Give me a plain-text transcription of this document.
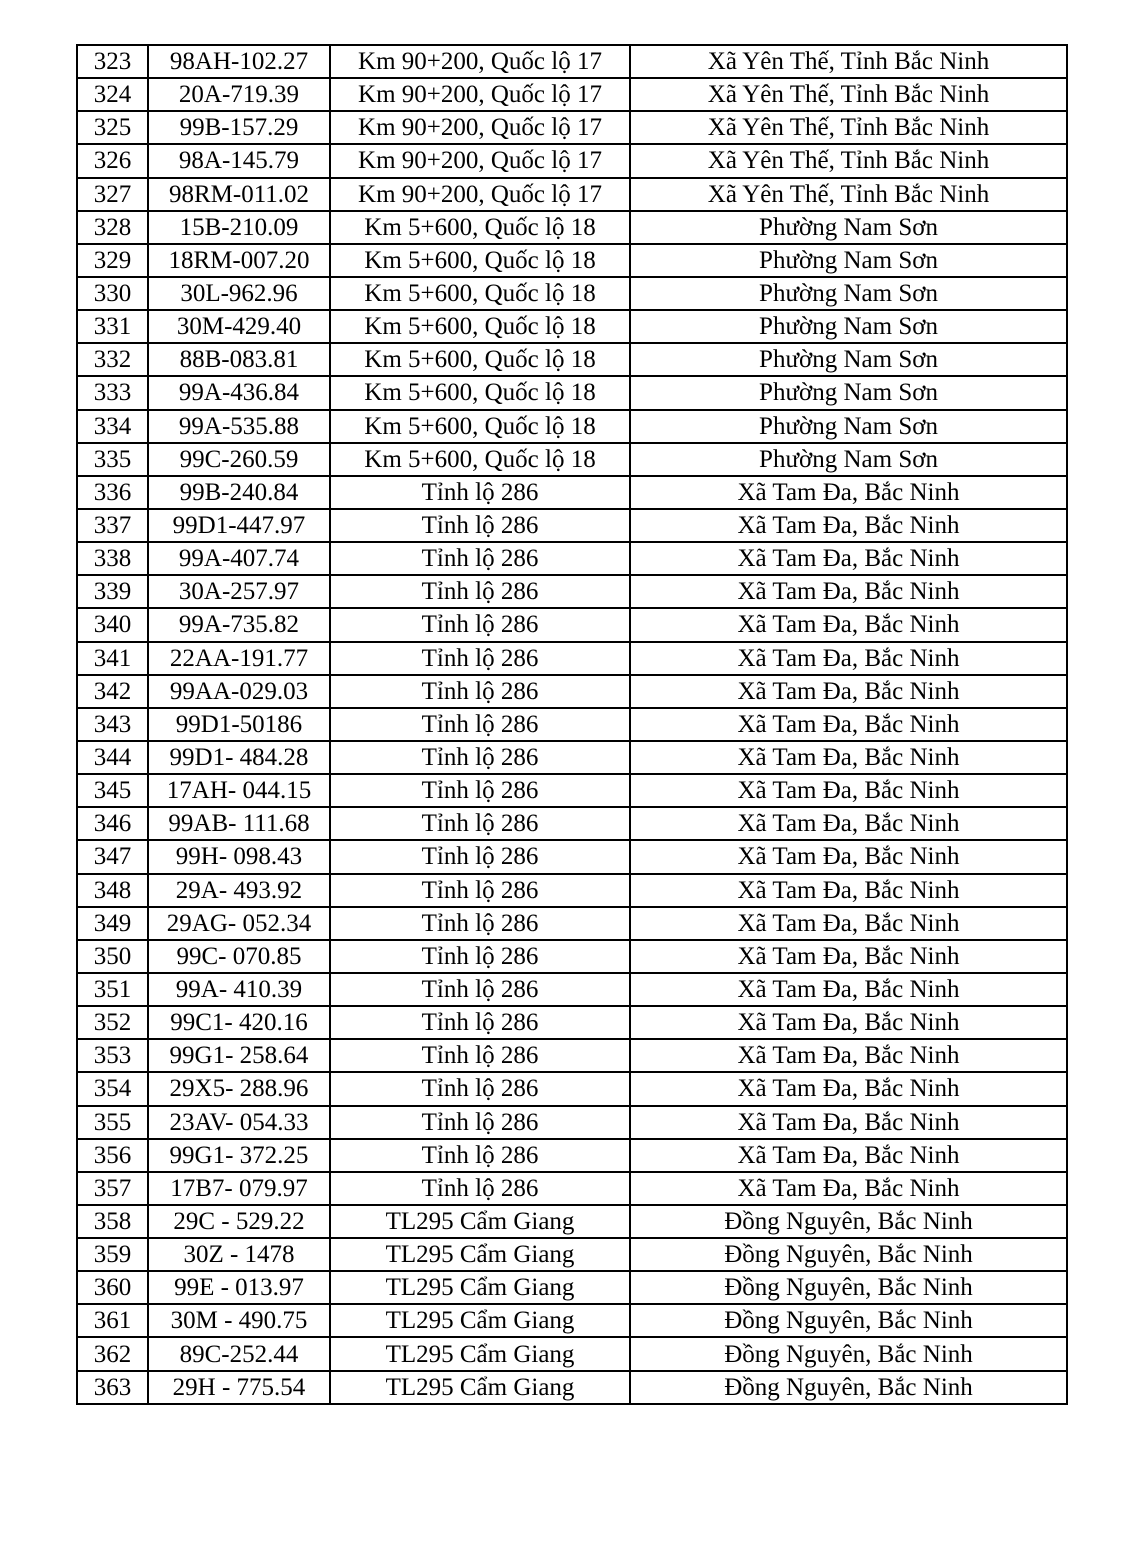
323	98AH-102.27	Km 90+200, Quốc lộ 17	Xã Yên Thế, Tỉnh Bắc Ninh
324	20A-719.39	Km 90+200, Quốc lộ 17	Xã Yên Thế, Tỉnh Bắc Ninh
325	99B-157.29	Km 90+200, Quốc lộ 17	Xã Yên Thế, Tỉnh Bắc Ninh
326	98A-145.79	Km 90+200, Quốc lộ 17	Xã Yên Thế, Tỉnh Bắc Ninh
327	98RM-011.02	Km 90+200, Quốc lộ 17	Xã Yên Thế, Tỉnh Bắc Ninh
328	15B-210.09	Km 5+600, Quốc lộ 18	Phường Nam Sơn
329	18RM-007.20	Km 5+600, Quốc lộ 18	Phường Nam Sơn
330	30L-962.96	Km 5+600, Quốc lộ 18	Phường Nam Sơn
331	30M-429.40	Km 5+600, Quốc lộ 18	Phường Nam Sơn
332	88B-083.81	Km 5+600, Quốc lộ 18	Phường Nam Sơn
333	99A-436.84	Km 5+600, Quốc lộ 18	Phường Nam Sơn
334	99A-535.88	Km 5+600, Quốc lộ 18	Phường Nam Sơn
335	99C-260.59	Km 5+600, Quốc lộ 18	Phường Nam Sơn
336	99B-240.84	Tỉnh lộ 286	Xã Tam Đa, Bắc Ninh
337	99D1-447.97	Tỉnh lộ 286	Xã Tam Đa, Bắc Ninh
338	99A-407.74	Tỉnh lộ 286	Xã Tam Đa, Bắc Ninh
339	30A-257.97	Tỉnh lộ 286	Xã Tam Đa, Bắc Ninh
340	99A-735.82	Tỉnh lộ 286	Xã Tam Đa, Bắc Ninh
341	22AA-191.77	Tỉnh lộ 286	Xã Tam Đa, Bắc Ninh
342	99AA-029.03	Tỉnh lộ 286	Xã Tam Đa, Bắc Ninh
343	99D1-50186	Tỉnh lộ 286	Xã Tam Đa, Bắc Ninh
344	99D1- 484.28	Tỉnh lộ 286	Xã Tam Đa, Bắc Ninh
345	17AH- 044.15	Tỉnh lộ 286	Xã Tam Đa, Bắc Ninh
346	99AB- 111.68	Tỉnh lộ 286	Xã Tam Đa, Bắc Ninh
347	99H- 098.43	Tỉnh lộ 286	Xã Tam Đa, Bắc Ninh
348	29A- 493.92	Tỉnh lộ 286	Xã Tam Đa, Bắc Ninh
349	29AG- 052.34	Tỉnh lộ 286	Xã Tam Đa, Bắc Ninh
350	99C- 070.85	Tỉnh lộ 286	Xã Tam Đa, Bắc Ninh
351	99A- 410.39	Tỉnh lộ 286	Xã Tam Đa, Bắc Ninh
352	99C1- 420.16	Tỉnh lộ 286	Xã Tam Đa, Bắc Ninh
353	99G1- 258.64	Tỉnh lộ 286	Xã Tam Đa, Bắc Ninh
354	29X5- 288.96	Tỉnh lộ 286	Xã Tam Đa, Bắc Ninh
355	23AV- 054.33	Tỉnh lộ 286	Xã Tam Đa, Bắc Ninh
356	99G1- 372.25	Tỉnh lộ 286	Xã Tam Đa, Bắc Ninh
357	17B7- 079.97	Tỉnh lộ 286	Xã Tam Đa, Bắc Ninh
358	29C - 529.22	TL295 Cẩm Giang	Đồng Nguyên, Bắc Ninh
359	30Z - 1478	TL295 Cẩm Giang	Đồng Nguyên, Bắc Ninh
360	99E - 013.97	TL295 Cẩm Giang	Đồng Nguyên, Bắc Ninh
361	30M - 490.75	TL295 Cẩm Giang	Đồng Nguyên, Bắc Ninh
362	89C-252.44	TL295 Cẩm Giang	Đồng Nguyên, Bắc Ninh
363	29H - 775.54	TL295 Cẩm Giang	Đồng Nguyên, Bắc Ninh
